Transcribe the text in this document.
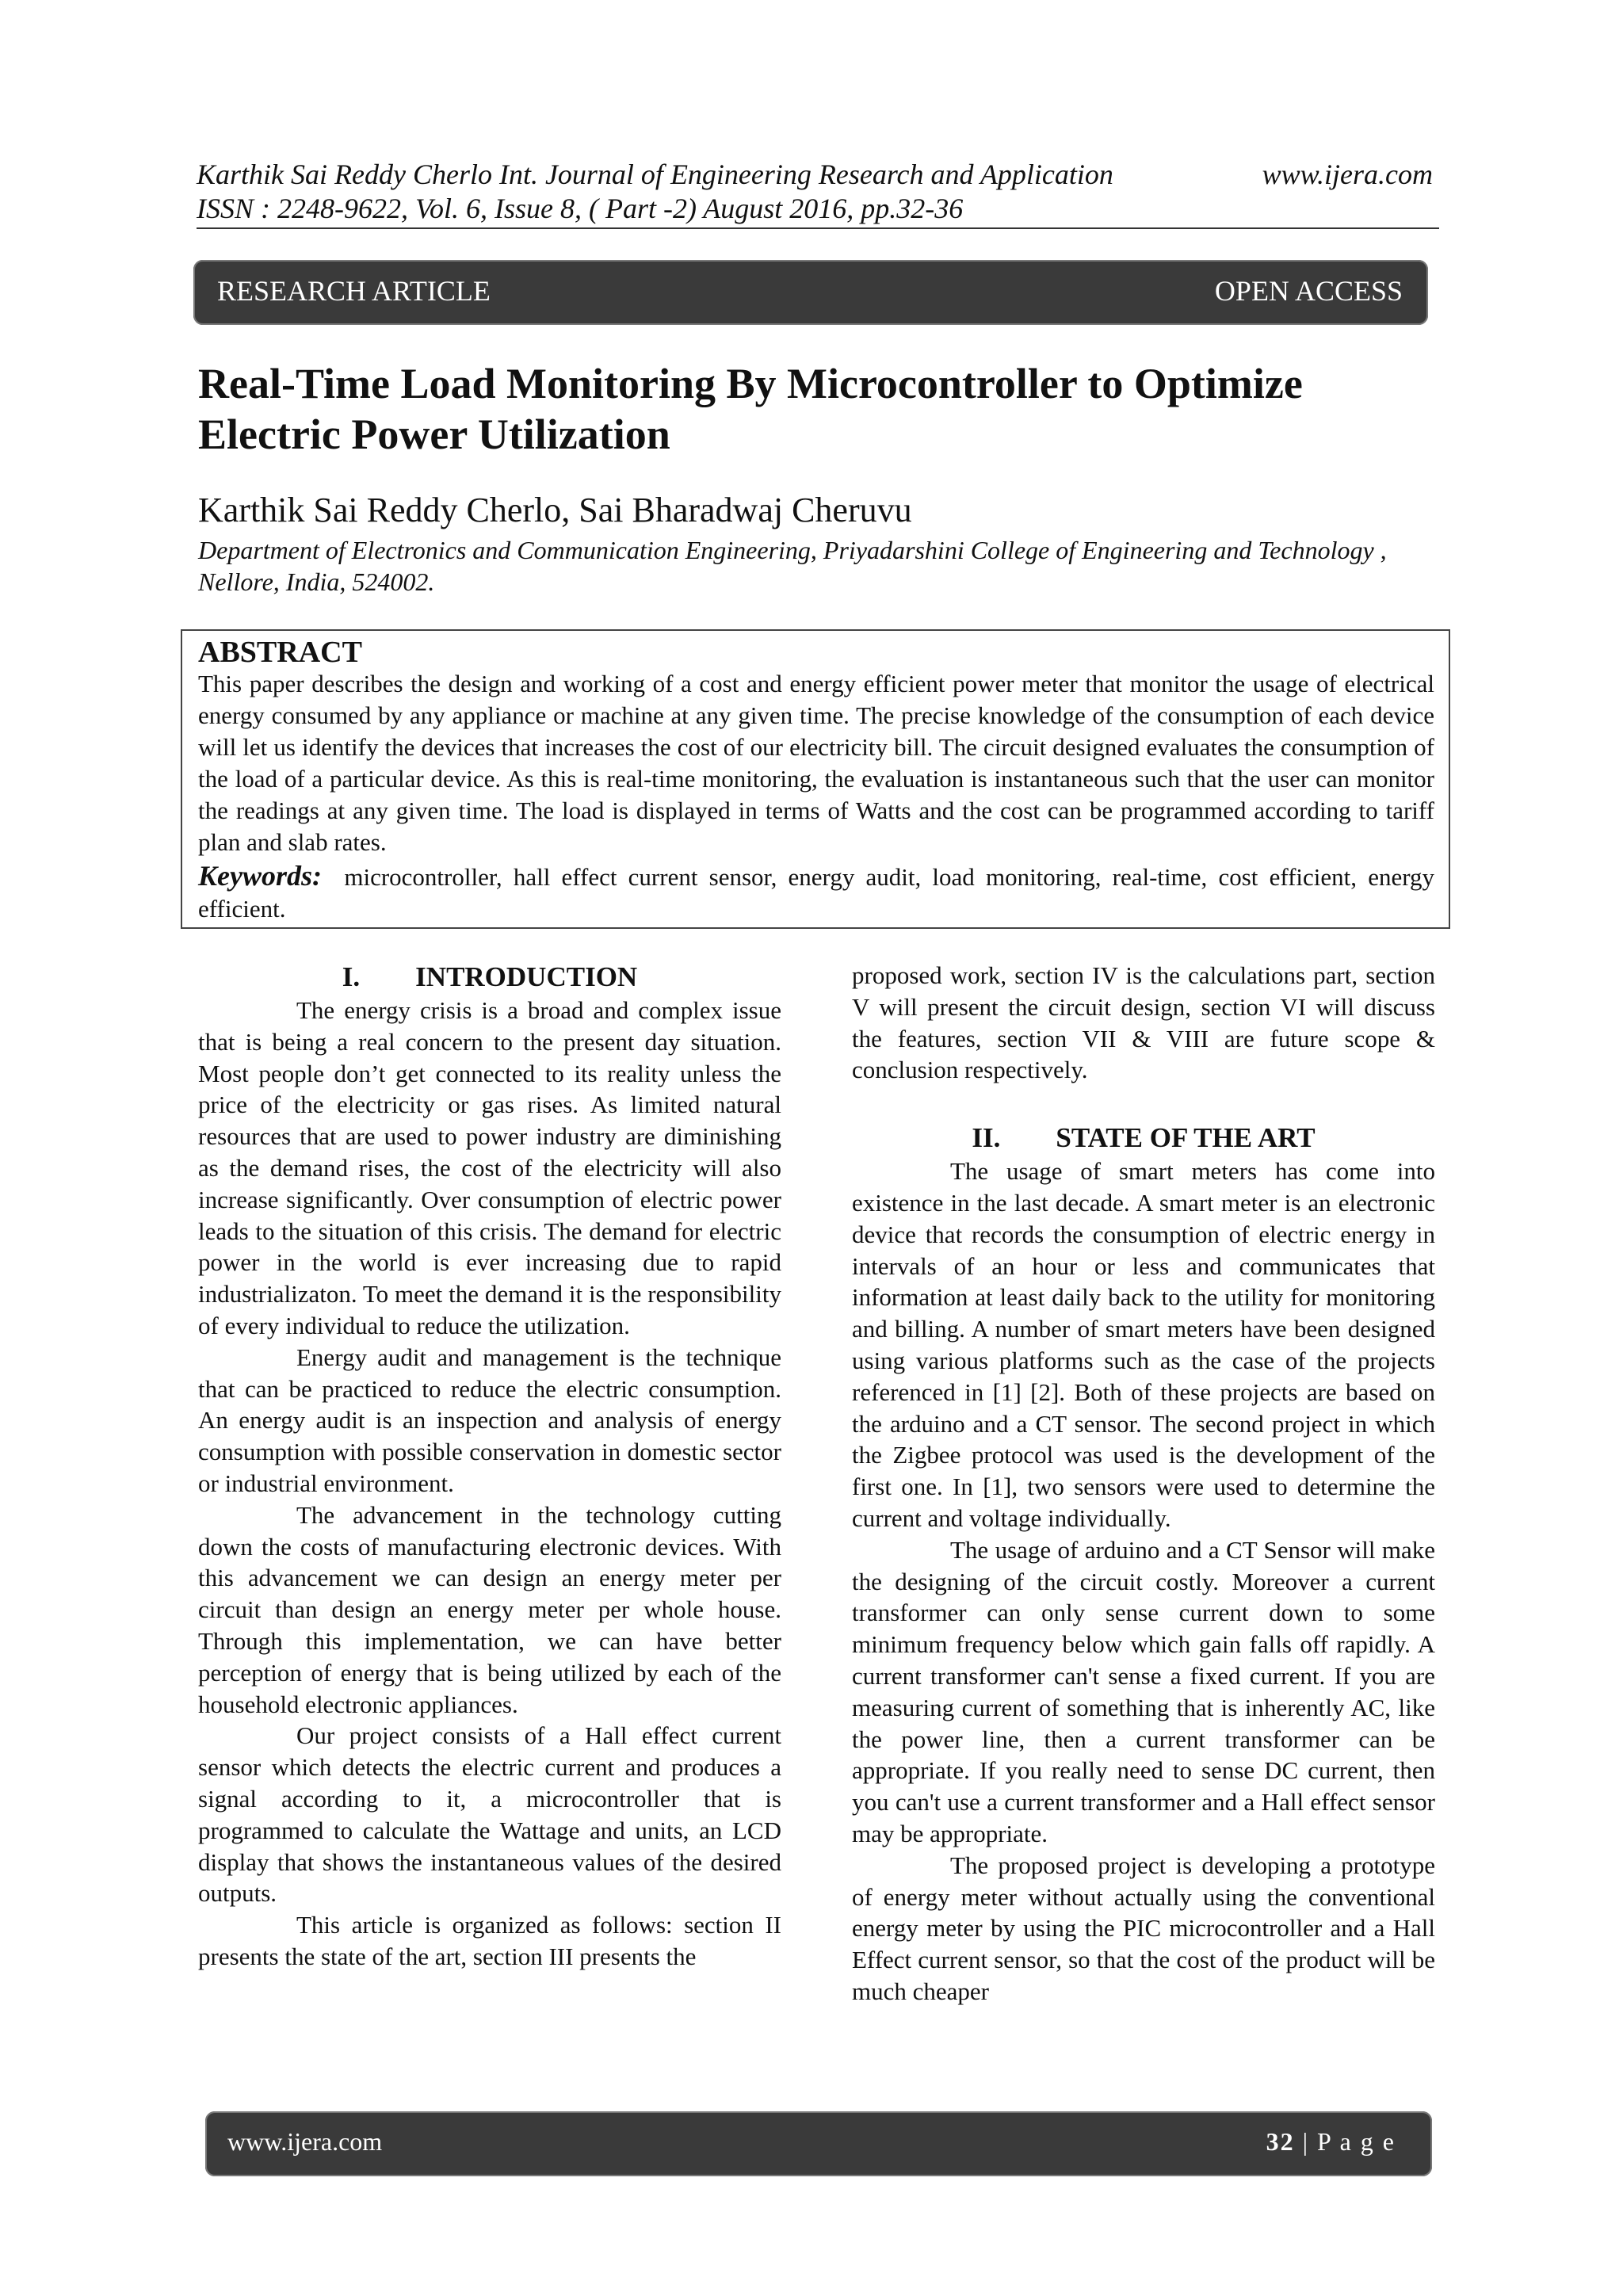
Karthik Sai Reddy Cherlo Int. Journal of Engineering Research and Application	www.ijera.com
ISSN : 2248-9622, Vol. 6, Issue 8, ( Part -2) August 2016, pp.32-36
RESEARCH ARTICLE	OPEN ACCESS
Real-Time Load Monitoring By Microcontroller to Optimize
Electric Power Utilization
Karthik Sai Reddy Cherlo, Sai Bharadwaj Cheruvu
Department of Electronics and Communication Engineering, Priyadarshini College of Engineering and Technology , Nellore, India, 524002.
ABSTRACT
This paper describes the design and working of a cost and energy efficient power meter that monitor the usage of electrical energy consumed by any appliance or machine at any given time. The precise knowledge of the consumption of each device will let us identify the devices that increases the cost of our electricity bill. The circuit designed evaluates the consumption of the load of a particular device. As this is real-time monitoring, the evaluation is instantaneous such that the user can monitor the readings at any given time. The load is displayed in terms of Watts and the cost can be programmed according to tariff plan and slab rates.
Keywords: microcontroller, hall effect current sensor, energy audit, load monitoring, real-time, cost efficient, energy efficient.

I.  INTRODUCTION

The energy crisis is a broad and complex issue that is being a real concern to the present day situation. Most people don’t get connected to its reality unless the price of the electricity or gas rises. As limited natural resources that are used to power industry are diminishing as the demand rises, the cost of the electricity will also increase significantly. Over consumption of electric power leads to the situation of this crisis. The demand for electric power in the world is ever increasing due to rapid industrializaton. To meet the demand it is the responsibility of every individual to reduce the utilization.

Energy audit and management is the technique that can be practiced to reduce the electric consumption. An energy audit is an inspection and analysis of energy consumption with possible conservation in domestic sector or industrial environment.

The advancement in the technology cutting down the costs of manufacturing electronic devices. With this advancement we can design an energy meter per circuit than design an energy meter per whole house. Through this implementation, we can have better perception of energy that is being utilized by each of the household electronic appliances.

Our project consists of a Hall effect current sensor which detects the electric current and produces a signal according to it, a microcontroller that is programmed to calculate the Wattage and units, an LCD display that shows the instantaneous values of the desired outputs.

This article is organized as follows: section II presents the state of the art, section III presents the

proposed work, section IV is the calculations part, section V will present the circuit design, section VI will discuss the features, section VII & VIII are future scope & conclusion respectively.

II.  STATE OF THE ART

The usage of smart meters has come into existence in the last decade. A smart meter is an electronic device that records the consumption of electric energy in intervals of an hour or less and communicates that information at least daily back to the utility for monitoring and billing. A number of smart meters have been designed using various platforms such as the case of the projects referenced in [1] [2]. Both of these projects are based on the arduino and a CT sensor. The second project in which the Zigbee protocol was used is the development of the first one. In [1], two sensors were used to determine the current and voltage individually.

The usage of arduino and a CT Sensor will make the designing of the circuit costly. Moreover a current transformer can only sense current down to some minimum frequency below which gain falls off rapidly. A current transformer can't sense a fixed current. If you are measuring current of something that is inherently AC, like the power line, then a current transformer can be appropriate. If you really need to sense DC current, then you can't use a current transformer and a Hall effect sensor may be appropriate.

The proposed project is developing a prototype of energy meter without actually using the conventional energy meter by using the PIC microcontroller and a Hall Effect current sensor, so that the cost of the product will be much cheaper

www.ijera.com	32 | P a g e
